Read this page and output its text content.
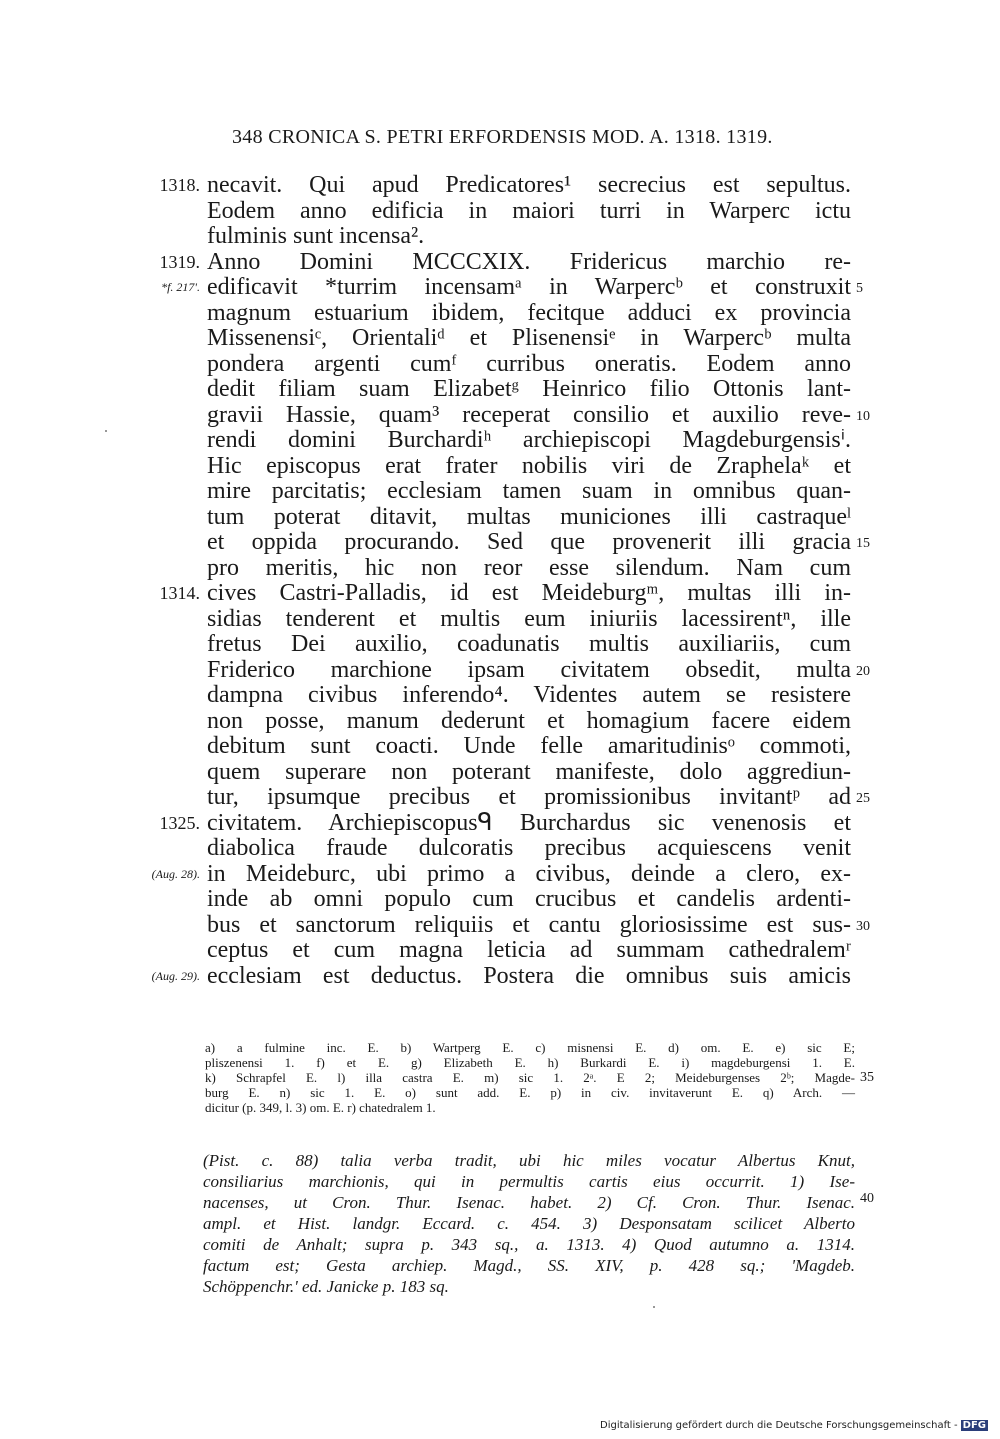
348 CRONICA S. PETRI ERFORDENSIS MOD. A. 1318. 1319.
necavit. Qui apud Predicatores¹ secrecius est sepultus.
Eodem anno edificia in maiori turri in Warperc ictu
fulminis sunt incensa².
Anno Domini MCCCXIX. Fridericus marchio re-
edificavit *turrim incensamᵃ in Warpercᵇ et construxit
magnum estuarium ibidem, fecitque adduci ex provincia
Missenensiᶜ, Orientaliᵈ et Plisenensiᵉ in Warpercᵇ multa
pondera argenti cumᶠ curribus oneratis. Eodem anno
dedit filiam suam Elizabetᵍ Heinrico filio Ottonis lant-
gravii Hassie, quam³ receperat consilio et auxilio reve-
rendi domini Burchardiʰ archiepiscopi Magdeburgensisⁱ.
Hic episcopus erat frater nobilis viri de Zraphelaᵏ et
mire parcitatis; ecclesiam tamen suam in omnibus quan-
tum poterat ditavit, multas municiones illi castraqueˡ
et oppida procurando. Sed que provenerit illi gracia
pro meritis, hic non reor esse silendum. Nam cum
cives Castri-Palladis, id est Meideburgᵐ, multas illi in-
sidias tenderent et multis eum iniuriis lacessirentⁿ, ille
fretus Dei auxilio, coadunatis multis auxiliariis, cum
Friderico marchione ipsam civitatem obsedit, multa
dampna civibus inferendo⁴. Videntes autem se resistere
non posse, manum dederunt et homagium facere eidem
debitum sunt coacti. Unde felle amaritudinisᵒ commoti,
quem superare non poterant manifeste, dolo aggrediun-
tur, ipsumque precibus et promissionibus invitantᵖ ad
civitatem. Archiepiscopusᑫ Burchardus sic venenosis et
diabolica fraude dulcoratis precibus acquiescens venit
in Meideburc, ubi primo a civibus, deinde a clero, ex-
inde ab omni populo cum crucibus et candelis ardenti-
bus et sanctorum reliquiis et cantu gloriosissime est sus-
ceptus et cum magna leticia ad summam cathedralemʳ
ecclesiam est deductus. Postera die omnibus suis amicis
1318.
1319.
*f. 217'.
1314.
1325.
(Aug. 28).
(Aug. 29).
5
10
15
20
25
30
a) a fulmine inc. E. b) Wartperg E. c) misnensi E. d) om. E. e) sic E;
pliszenensi 1. f) et E. g) Elizabeth E. h) Burkardi E. i) magdeburgensi 1. E.
k) Schrapfel E. l) illa castra E. m) sic 1. 2ᵃ. E 2; Meideburgenses 2ᵇ; Magde-
burg E. n) sic 1. E. o) sunt add. E. p) in civ. invitaverunt E. q) Arch. —
dicitur (p. 349, l. 3) om. E. r) chatedralem 1.
35
(Pist. c. 88) talia verba tradit, ubi hic miles vocatur Albertus Knut,
consiliarius marchionis, qui in permultis cartis eius occurrit. 1) Ise-
nacenses, ut Cron. Thur. Isenac. habet. 2) Cf. Cron. Thur. Isenac.
ampl. et Hist. landgr. Eccard. c. 454. 3) Desponsatam scilicet Alberto
comiti de Anhalt; supra p. 343 sq., a. 1313. 4) Quod autumno a. 1314.
factum est; Gesta archiep. Magd., SS. XIV, p. 428 sq.; 'Magdeb.
Schöppenchr.' ed. Janicke p. 183 sq.
40
Digitalisierung gefördert durch die Deutsche Forschungsgemeinschaft - DFG
